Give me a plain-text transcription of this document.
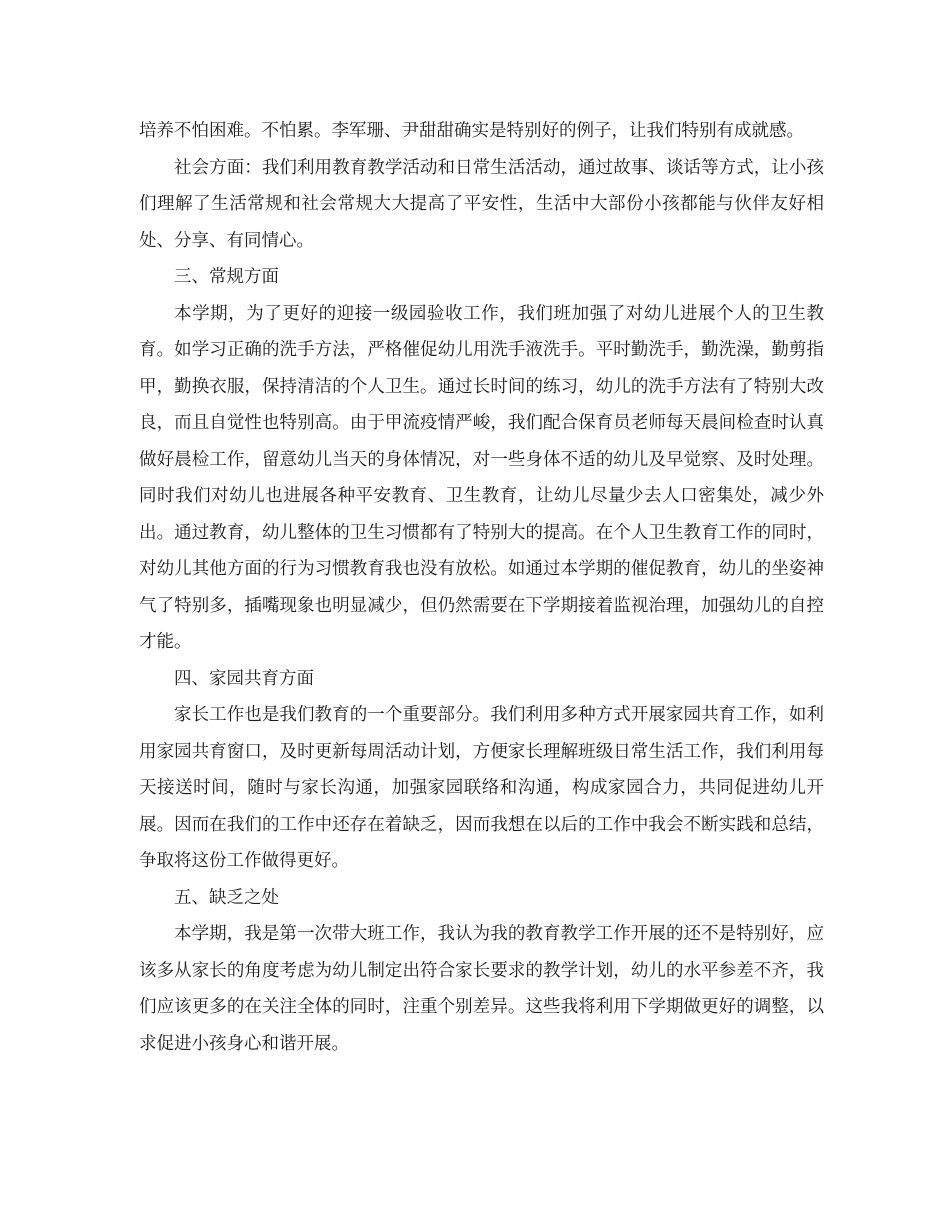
培养不怕困难。不怕累。李军珊、尹甜甜确实是特别好的例子，让我们特别有成就感。

社会方面：我们利用教育教学活动和日常生活活动，通过故事、谈话等方式，让小孩们理解了生活常规和社会常规大大提高了平安性，生活中大部份小孩都能与伙伴友好相处、分享、有同情心。

三、常规方面

本学期，为了更好的迎接一级园验收工作，我们班加强了对幼儿进展个人的卫生教育。如学习正确的洗手方法，严格催促幼儿用洗手液洗手。平时勤洗手，勤洗澡，勤剪指甲，勤换衣服，保持清洁的个人卫生。通过长时间的练习，幼儿的洗手方法有了特别大改良，而且自觉性也特别高。由于甲流疫情严峻，我们配合保育员老师每天晨间检查时认真做好晨检工作，留意幼儿当天的身体情况，对一些身体不适的幼儿及早觉察、及时处理。同时我们对幼儿也进展各种平安教育、卫生教育，让幼儿尽量少去人口密集处，减少外出。通过教育，幼儿整体的卫生习惯都有了特别大的提高。在个人卫生教育工作的同时，对幼儿其他方面的行为习惯教育我也没有放松。如通过本学期的催促教育，幼儿的坐姿神气了特别多，插嘴现象也明显减少，但仍然需要在下学期接着监视治理，加强幼儿的自控才能。

四、家园共育方面

家长工作也是我们教育的一个重要部分。我们利用多种方式开展家园共育工作，如利用家园共育窗口，及时更新每周活动计划，方便家长理解班级日常生活工作，我们利用每天接送时间，随时与家长沟通，加强家园联络和沟通，构成家园合力，共同促进幼儿开展。因而在我们的工作中还存在着缺乏，因而我想在以后的工作中我会不断实践和总结，争取将这份工作做得更好。

五、缺乏之处

本学期，我是第一次带大班工作，我认为我的教育教学工作开展的还不是特别好，应该多从家长的角度考虑为幼儿制定出符合家长要求的教学计划，幼儿的水平参差不齐，我们应该更多的在关注全体的同时，注重个别差异。这些我将利用下学期做更好的调整，以求促进小孩身心和谐开展。
